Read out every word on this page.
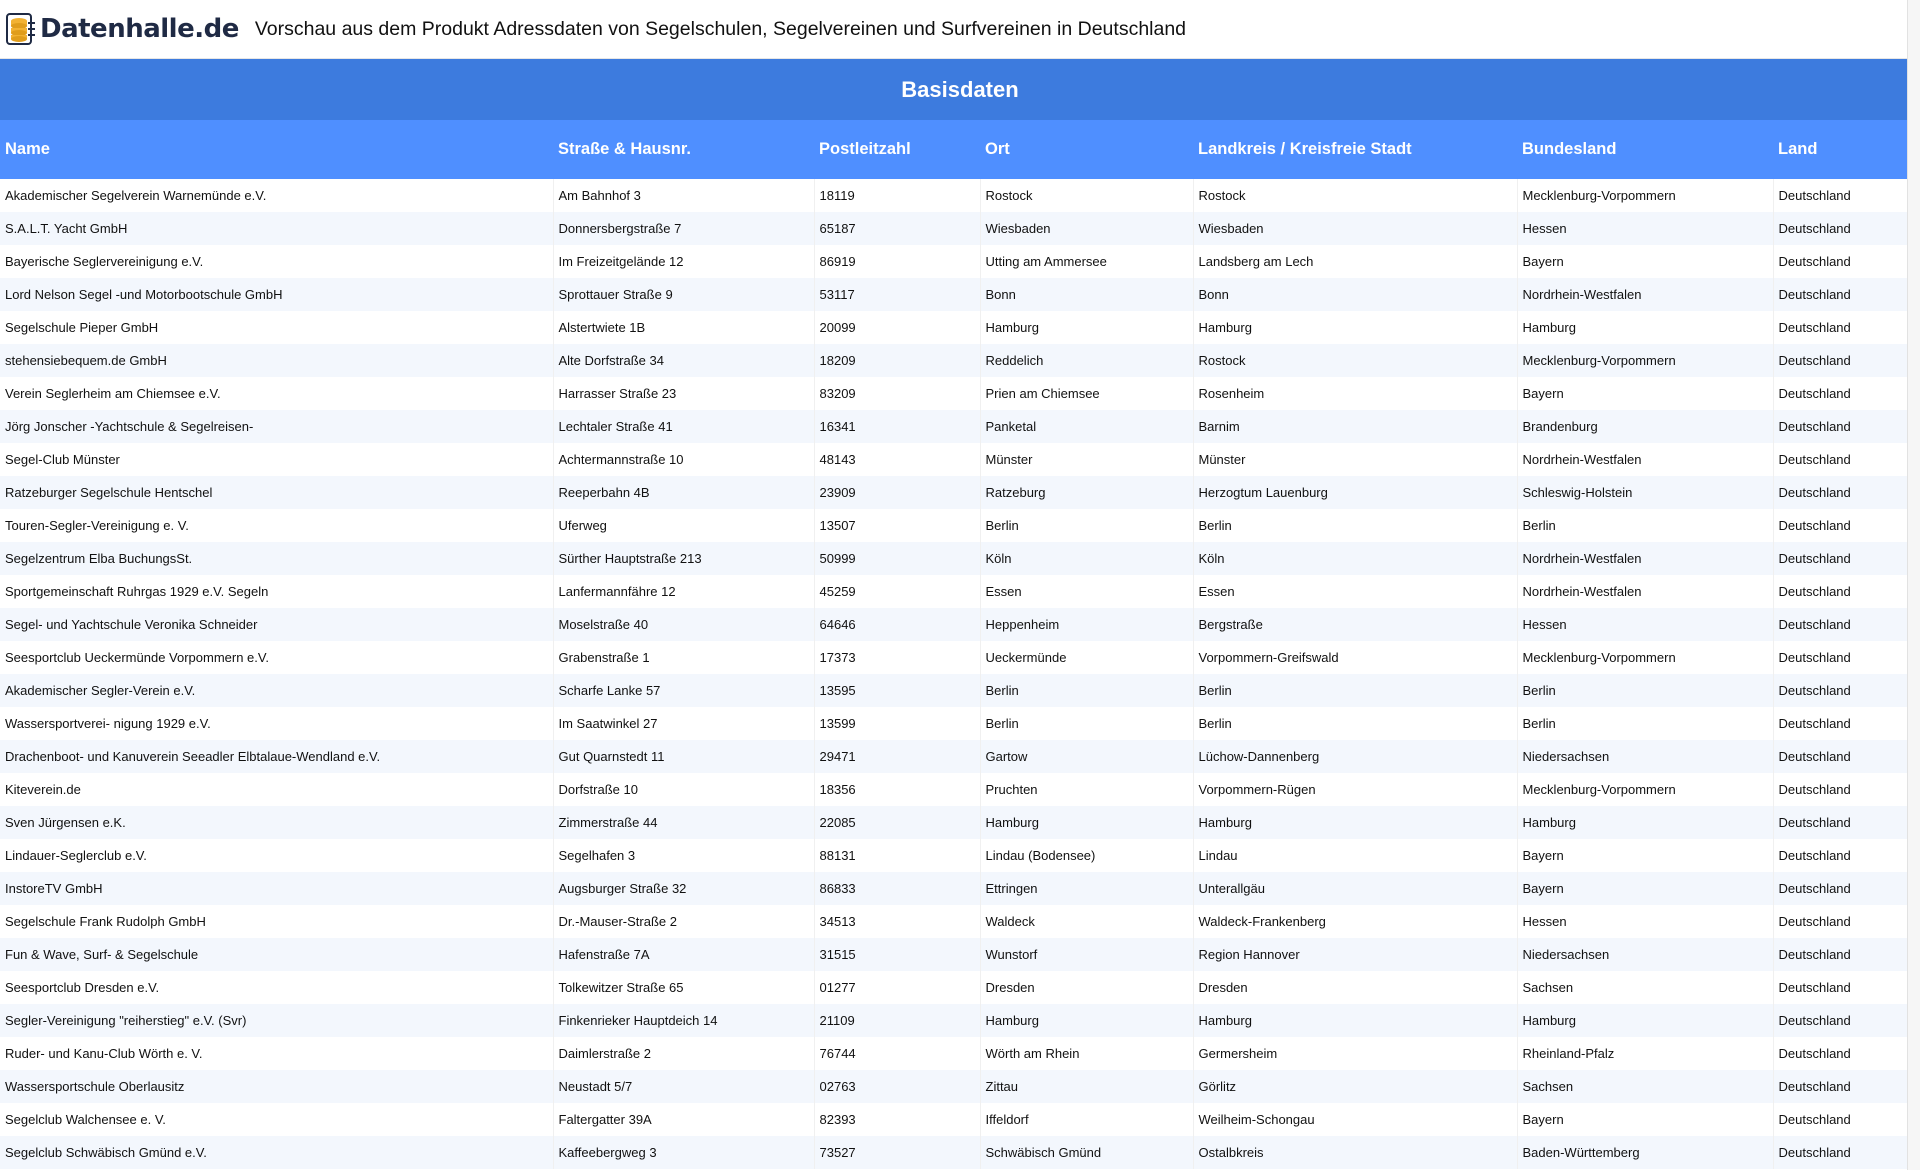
Datenhalle.de Vorschau aus dem Produkt Adressdaten von Segelschulen, Segelvereinen und Surfvereinen in Deutschland
Basisdaten
Name	Straße & Hausnr.	Postleitzahl	Ort	Landkreis / Kreisfreie Stadt	Bundesland	Land
Akademischer Segelverein Warnemünde e.V.	Am Bahnhof 3	18119	Rostock	Rostock	Mecklenburg-Vorpommern	Deutschland
S.A.L.T. Yacht GmbH	Donnersbergstraße 7	65187	Wiesbaden	Wiesbaden	Hessen	Deutschland
Bayerische Seglervereinigung e.V.	Im Freizeitgelände 12	86919	Utting am Ammersee	Landsberg am Lech	Bayern	Deutschland
Lord Nelson Segel -und Motorbootschule GmbH	Sprottauer Straße 9	53117	Bonn	Bonn	Nordrhein-Westfalen	Deutschland
Segelschule Pieper GmbH	Alstertwiete 1B	20099	Hamburg	Hamburg	Hamburg	Deutschland
stehensiebequem.de GmbH	Alte Dorfstraße 34	18209	Reddelich	Rostock	Mecklenburg-Vorpommern	Deutschland
Verein Seglerheim am Chiemsee e.V.	Harrasser Straße 23	83209	Prien am Chiemsee	Rosenheim	Bayern	Deutschland
Jörg Jonscher -Yachtschule & Segelreisen-	Lechtaler Straße 41	16341	Panketal	Barnim	Brandenburg	Deutschland
Segel-Club Münster	Achtermannstraße 10	48143	Münster	Münster	Nordrhein-Westfalen	Deutschland
Ratzeburger Segelschule Hentschel	Reeperbahn 4B	23909	Ratzeburg	Herzogtum Lauenburg	Schleswig-Holstein	Deutschland
Touren-Segler-Vereinigung e. V.	Uferweg	13507	Berlin	Berlin	Berlin	Deutschland
Segelzentrum Elba BuchungsSt.	Sürther Hauptstraße 213	50999	Köln	Köln	Nordrhein-Westfalen	Deutschland
Sportgemeinschaft Ruhrgas 1929 e.V. Segeln	Lanfermannfähre 12	45259	Essen	Essen	Nordrhein-Westfalen	Deutschland
Segel- und Yachtschule Veronika Schneider	Moselstraße 40	64646	Heppenheim	Bergstraße	Hessen	Deutschland
Seesportclub Ueckermünde Vorpommern e.V.	Grabenstraße 1	17373	Ueckermünde	Vorpommern-Greifswald	Mecklenburg-Vorpommern	Deutschland
Akademischer Segler-Verein e.V.	Scharfe Lanke 57	13595	Berlin	Berlin	Berlin	Deutschland
Wassersportverei- nigung 1929 e.V.	Im Saatwinkel 27	13599	Berlin	Berlin	Berlin	Deutschland
Drachenboot- und Kanuverein Seeadler Elbtalaue-Wendland e.V.	Gut Quarnstedt 11	29471	Gartow	Lüchow-Dannenberg	Niedersachsen	Deutschland
Kiteverein.de	Dorfstraße 10	18356	Pruchten	Vorpommern-Rügen	Mecklenburg-Vorpommern	Deutschland
Sven Jürgensen e.K.	Zimmerstraße 44	22085	Hamburg	Hamburg	Hamburg	Deutschland
Lindauer-Seglerclub e.V.	Segelhafen 3	88131	Lindau (Bodensee)	Lindau	Bayern	Deutschland
InstoreTV GmbH	Augsburger Straße 32	86833	Ettringen	Unterallgäu	Bayern	Deutschland
Segelschule Frank Rudolph GmbH	Dr.-Mauser-Straße 2	34513	Waldeck	Waldeck-Frankenberg	Hessen	Deutschland
Fun & Wave, Surf- & Segelschule	Hafenstraße 7A	31515	Wunstorf	Region Hannover	Niedersachsen	Deutschland
Seesportclub Dresden e.V.	Tolkewitzer Straße 65	01277	Dresden	Dresden	Sachsen	Deutschland
Segler-Vereinigung "reiherstieg" e.V. (Svr)	Finkenrieker Hauptdeich 14	21109	Hamburg	Hamburg	Hamburg	Deutschland
Ruder- und Kanu-Club Wörth e. V.	Daimlerstraße 2	76744	Wörth am Rhein	Germersheim	Rheinland-Pfalz	Deutschland
Wassersportschule Oberlausitz	Neustadt 5/7	02763	Zittau	Görlitz	Sachsen	Deutschland
Segelclub Walchensee e. V.	Faltergatter 39A	82393	Iffeldorf	Weilheim-Schongau	Bayern	Deutschland
Segelclub Schwäbisch Gmünd e.V.	Kaffeebergweg 3	73527	Schwäbisch Gmünd	Ostalbkreis	Baden-Württemberg	Deutschland
